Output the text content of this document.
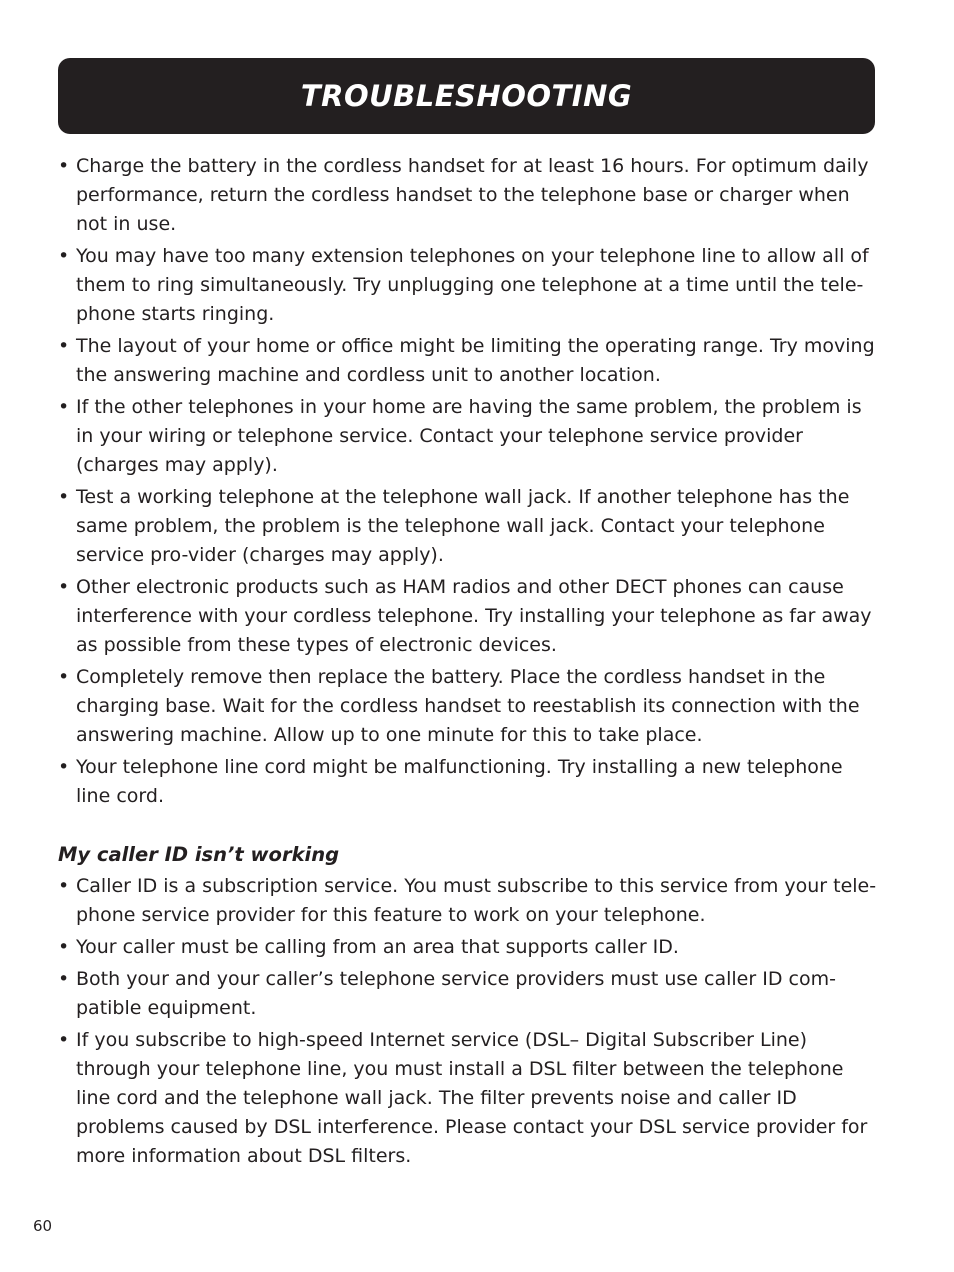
TROUBLESHOOTING
• Charge the battery in the cordless handset for at least 16 hours. For optimum daily performance, return the cordless handset to the telephone base or charger when not in use.
• You may have too many extension telephones on your telephone line to allow all of them to ring simultaneously. Try unplugging one telephone at a time until the tele-phone starts ringing.
• The layout of your home or office might be limiting the operating range. Try moving the answering machine and cordless unit to another location.
• If the other telephones in your home are having the same problem, the problem is in your wiring or telephone service. Contact your telephone service provider (charges may apply).
• Test a working telephone at the telephone wall jack. If another telephone has the same problem, the problem is the telephone wall jack. Contact your telephone service pro-vider (charges may apply).
• Other electronic products such as HAM radios and other DECT phones can cause interference with your cordless telephone. Try installing your telephone as far away as possible from these types of electronic devices.
• Completely remove then replace the battery. Place the cordless handset in the charging base. Wait for the cordless handset to reestablish its connection with the answering machine. Allow up to one minute for this to take place.
• Your telephone line cord might be malfunctioning. Try installing a new telephone line cord.
My caller ID isn’t working
• Caller ID is a subscription service. You must subscribe to this service from your tele-phone service provider for this feature to work on your telephone.
• Your caller must be calling from an area that supports caller ID.
• Both your and your caller’s telephone service providers must use caller ID com-patible equipment.
• If you subscribe to high-speed Internet service (DSL– Digital Subscriber Line) through your telephone line, you must install a DSL filter between the telephone line cord and the telephone wall jack. The filter prevents noise and caller ID problems caused by DSL interference. Please contact your DSL service provider for more information about DSL filters.
60
